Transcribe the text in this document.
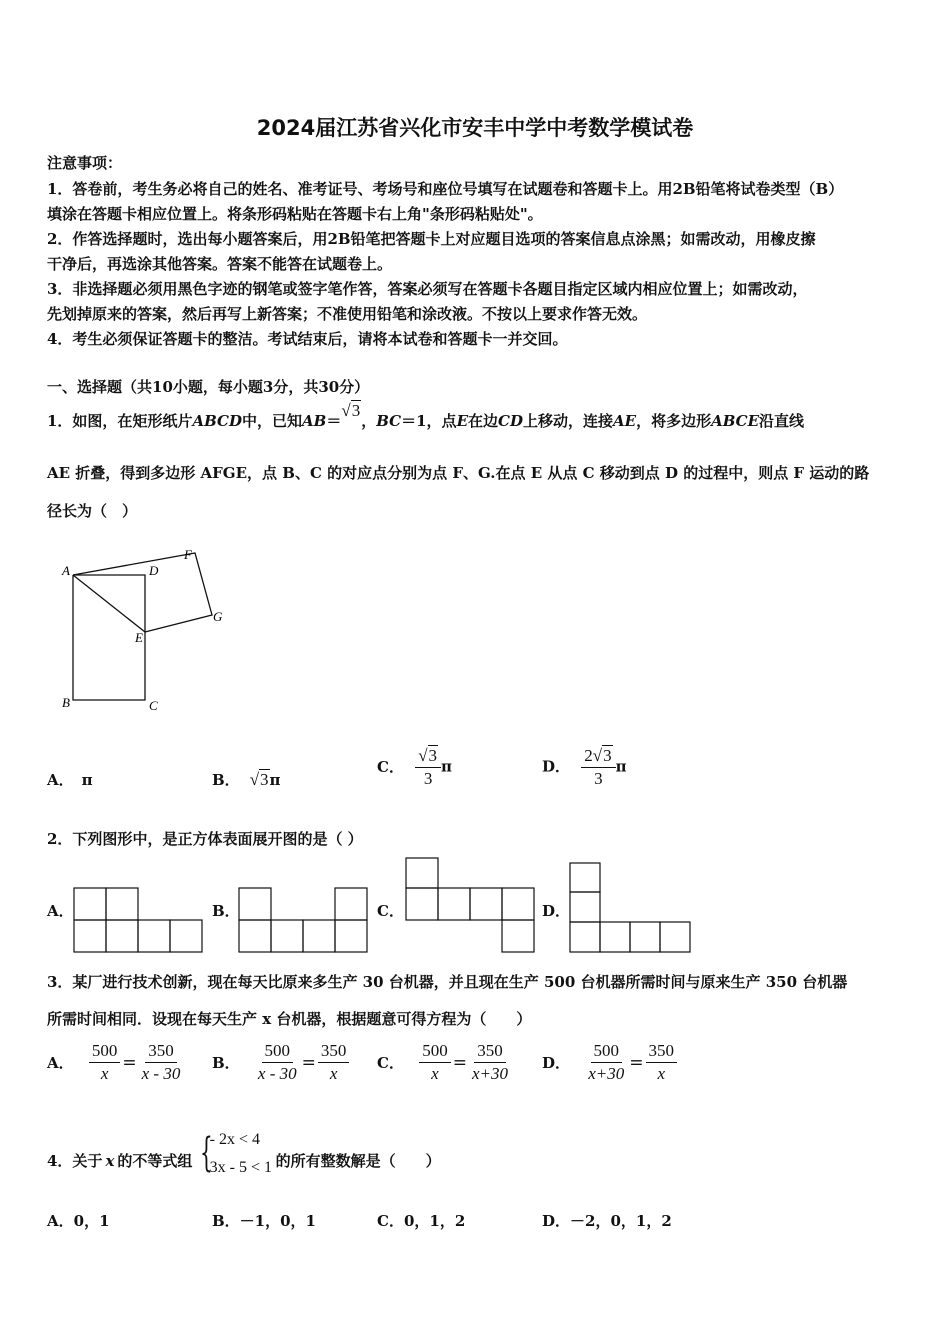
2024届江苏省兴化市安丰中学中考数学模试卷
注意事项：
1．答卷前，考生务必将自己的姓名、准考证号、考场号和座位号填写在试题卷和答题卡上。用2B铅笔将试卷类型（B）
填涂在答题卡相应位置上。将条形码粘贴在答题卡右上角"条形码粘贴处"。
2．作答选择题时，选出每小题答案后，用2B铅笔把答题卡上对应题目选项的答案信息点涂黑；如需改动，用橡皮擦
干净后，再选涂其他答案。答案不能答在试题卷上。
3．非选择题必须用黑色字迹的钢笔或签字笔作答，答案必须写在答题卡各题目指定区域内相应位置上；如需改动，
先划掉原来的答案，然后再写上新答案；不准使用铅笔和涂改液。不按以上要求作答无效。
4．考生必须保证答题卡的整洁。考试结束后，请将本试卷和答题卡一并交回。
一、选择题（共10小题，每小题3分，共30分）
1．如图，在矩形纸片ABCD中，已知AB＝√3，BC＝1，点E在边CD上移动，连接AE，将多边形ABCE沿直线
AE 折叠，得到多边形 AFGE，点 B、C 的对应点分别为点 F、G.在点 E 从点 C 移动到点 D 的过程中，则点 F 运动的路
径长为（　）
A	D
E
F
G
B	C
A． π	B． √3π
C． $\frac{√3}{3}$ π	D． $\frac{2√3}{3}$ π
2．下列图形中，是正方体表面展开图的是（ ）
A．	B．	C．	D．
3．某厂进行技术创新，现在每天比原来多生产 30 台机器，并且现在生产 500 台机器所需时间与原来生产 350 台机器
所需时间相同．设现在每天生产 x 台机器，根据题意可得方程为（　　）
A． $\frac{500}{x} = \frac{350}{x - 30}$ B． $\frac{500}{x - 30} = \frac{350}{x}$ C． $\frac{500}{x} = \frac{350}{x+30}$ D． $\frac{500}{x+30} = \frac{350}{x}$
4．关于 x 的不等式组 {
- 2x < 4
3x - 5 < 1 的所有整数解是（　　）
A．0，1	B．－1，0，1	C．0，1，2	D．－2，0，1，2
